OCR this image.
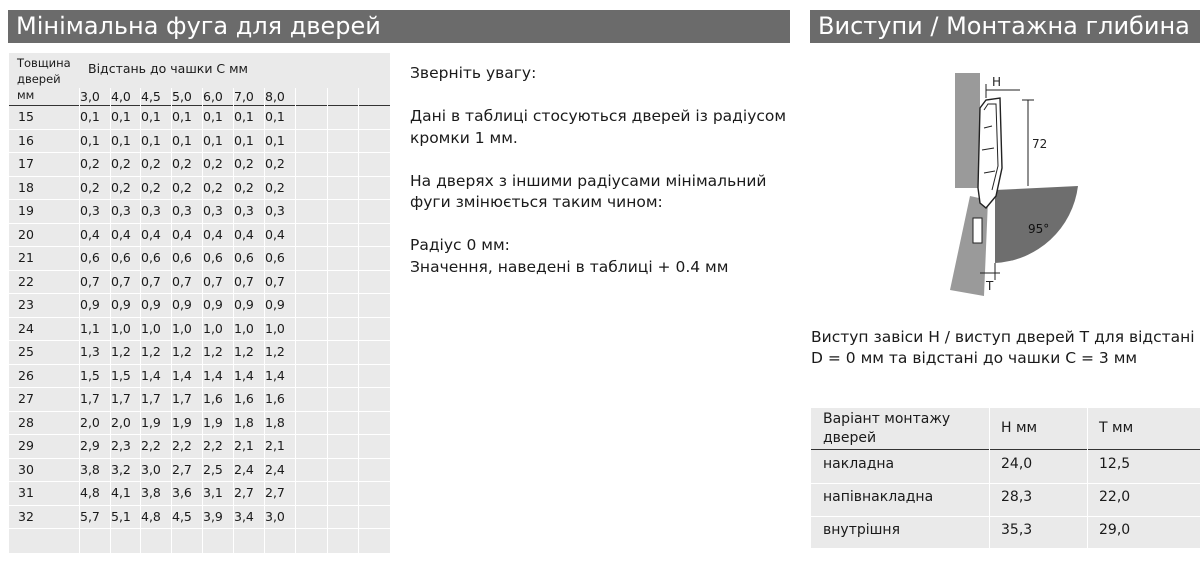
Мінімальна фуга для дверей	Виступи / Монтажна глибина
Товщина
дверей
мм
Відстань до чашки C мм
3,0 4,0 4,5 5,0 6,0 7,0 8,0
15	0,1 0,1 0,1 0,1 0,1 0,1 0,1
16	0,1 0,1 0,1 0,1 0,1 0,1 0,1
17	0,2 0,2 0,2 0,2 0,2 0,2 0,2
18	0,2 0,2 0,2 0,2 0,2 0,2 0,2
19	0,3 0,3 0,3 0,3 0,3 0,3 0,3
20	0,4 0,4 0,4 0,4 0,4 0,4 0,4
21	0,6 0,6 0,6 0,6 0,6 0,6 0,6
22	0,7 0,7 0,7 0,7 0,7 0,7 0,7
23	0,9 0,9 0,9 0,9 0,9 0,9 0,9
24	1,1 1,0 1,0 1,0 1,0 1,0 1,0
25	1,3 1,2 1,2 1,2 1,2 1,2 1,2
26	1,5 1,5 1,4 1,4 1,4 1,4 1,4
27	1,7 1,7 1,7 1,7 1,6 1,6 1,6
28	2,0 2,0 1,9 1,9 1,9 1,8 1,8
29	2,9 2,3 2,2 2,2 2,2 2,1 2,1
30	3,8 3,2 3,0 2,7 2,5 2,4 2,4
31	4,8 4,1 3,8 3,6 3,1 2,7 2,7
32	5,7 5,1 4,8 4,5 3,9 3,4 3,0

Зверніть увагу:

Дані в таблиці стосуються дверей із радіусом кромки 1 мм.

На дверях з іншими радіусами мінімальний фуги змінюється таким чином:

Радіус 0 мм:
Значення, наведені в таблиці + 0.4 мм

H
72
95°
T
Виступ завіси H / виступ дверей T для відстані D = 0 мм та відстані до чашки C = 3 мм
Варіант монтажу дверей
H мм	T мм
накладна	24,0	12,5
напівнакладна	28,3	22,0
внутрішня	35,3	29,0
